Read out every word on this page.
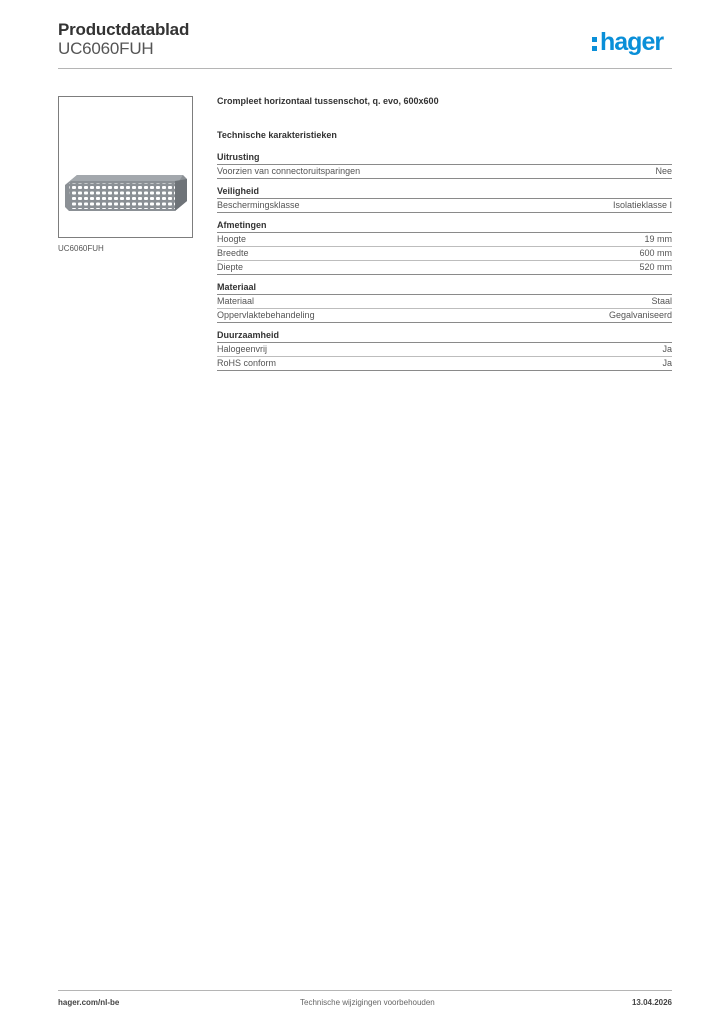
Productdatablad
UC6060FUH	hager
UC6060FUH
Crompleet horizontaal tussenschot, q. evo, 600x600
Technische karakteristieken
Uitrusting
Voorzien van connectoruitsparingen	Nee
Veiligheid
Beschermingsklasse	Isolatieklasse I
Afmetingen
Hoogte	19 mm
Breedte	600 mm
Diepte	520 mm
Materiaal
Materiaal	Staal
Oppervlaktebehandeling	Gegalvaniseerd
Duurzaamheid
Halogeenvrij	Ja
RoHS conform	Ja
hager.com/nl-be	Technische wijzigingen voorbehouden	13.04.2026
